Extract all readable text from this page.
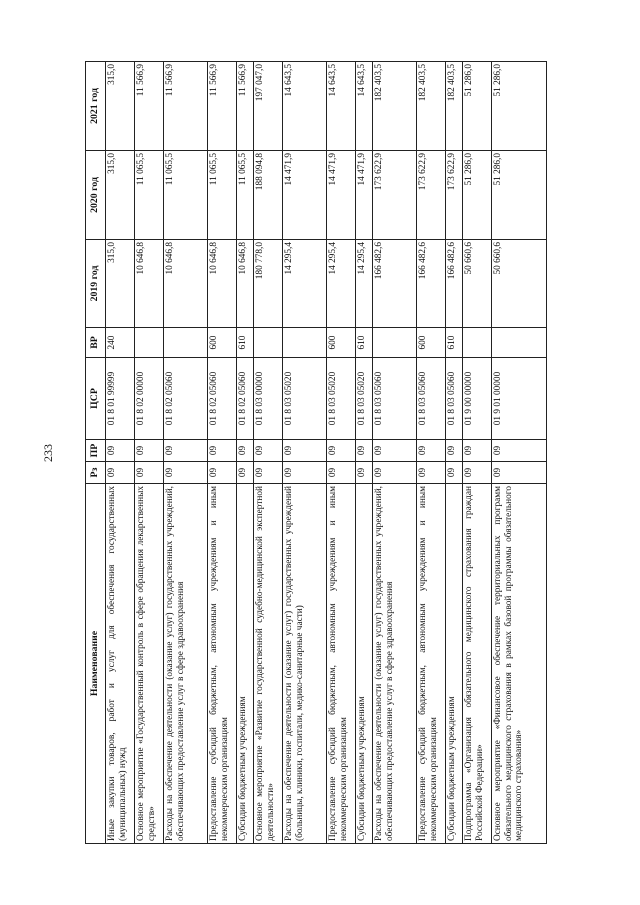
233
Наименование	Рз	ПР	ЦСР	ВР	2019 год	2020 год	2021 год
Иные закупки товаров, работ и услуг для обеспечения государственных (муниципальных) нужд	09	09	01 8 01 99999	240	315,0	315,0	315,0
Основное мероприятие «Государственный контроль в сфере обращения лекарственных средств»	09	09	01 8 02 00000		10 646,8	11 065,5	11 566,9
Расходы на обеспечение деятельности (оказание услуг) государственных учреждений, обеспечивающих предоставление услуг в сфере здравоохранения	09	09	01 8 02 05060		10 646,8	11 065,5	11 566,9
Предоставление субсидий бюджетным, автономным учреждениям и иным некоммерческим организациям	09	09	01 8 02 05060	600	10 646,8	11 065,5	11 566,9
Субсидии бюджетным учреждениям	09	09	01 8 02 05060	610	10 646,8	11 065,5	11 566,9
Основное мероприятие «Развитие государственной судебно-медицинской экспертной деятельности»	09	09	01 8 03 00000		180 778,0	188 094,8	197 047,0
Расходы на обеспечение деятельности (оказание услуг) государственных учреждений (больницы, клиники, госпитали, медико-санитарные части)	09	09	01 8 03 05020		14 295,4	14 471,9	14 643,5
Предоставление субсидий бюджетным, автономным учреждениям и иным некоммерческим организациям	09	09	01 8 03 05020	600	14 295,4	14 471,9	14 643,5
Субсидии бюджетным учреждениям	09	09	01 8 03 05020	610	14 295,4	14 471,9	14 643,5
Расходы на обеспечение деятельности (оказание услуг) государственных учреждений, обеспечивающих предоставление услуг в сфере здравоохранения	09	09	01 8 03 05060		166 482,6	173 622,9	182 403,5
Предоставление субсидий бюджетным, автономным учреждениям и иным некоммерческим организациям	09	09	01 8 03 05060	600	166 482,6	173 622,9	182 403,5
Субсидии бюджетным учреждениям	09	09	01 8 03 05060	610	166 482,6	173 622,9	182 403,5
Подпрограмма «Организация обязательного медицинского страхования граждан Российской Федерации»	09	09	01 9 00 00000		50 660,6	51 286,0	51 286,0
Основное мероприятие «Финансовое обеспечение территориальных программ обязательного медицинского страхования в рамках базовой программы обязательного медицинского страхования»	09	09	01 9 01 00000		50 660,6	51 286,0	51 286,0
